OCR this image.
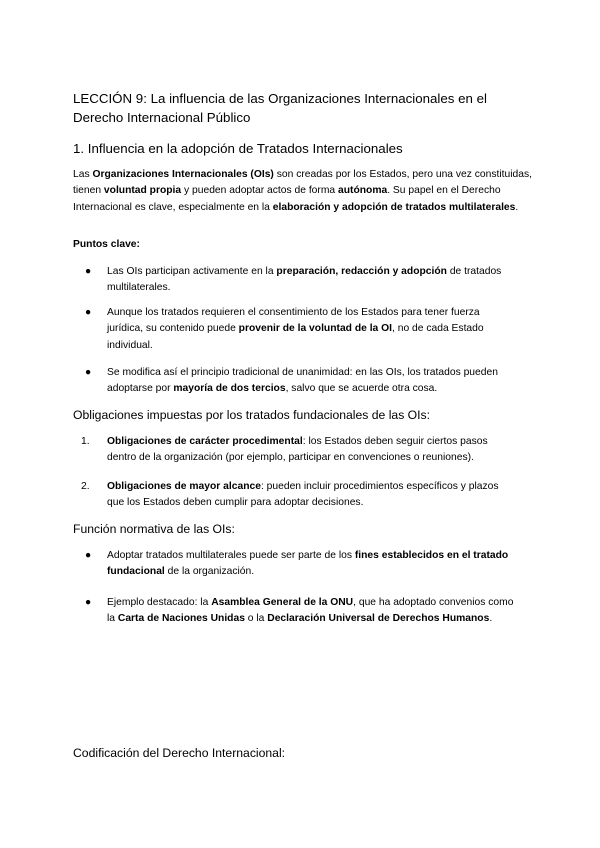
LECCIÓN 9: La influencia de las Organizaciones Internacionales en el Derecho Internacional Público
1. Influencia en la adopción de Tratados Internacionales
Las Organizaciones Internacionales (OIs) son creadas por los Estados, pero una vez constituidas, tienen voluntad propia y pueden adoptar actos de forma autónoma. Su papel en el Derecho Internacional es clave, especialmente en la elaboración y adopción de tratados multilaterales.
Puntos clave:
●	Las OIs participan activamente en la preparación, redacción y adopción de tratados multilaterales.
●	Aunque los tratados requieren el consentimiento de los Estados para tener fuerza jurídica, su contenido puede provenir de la voluntad de la OI, no de cada Estado individual.
●	Se modifica así el principio tradicional de unanimidad: en las OIs, los tratados pueden adoptarse por mayoría de dos tercios, salvo que se acuerde otra cosa.
Obligaciones impuestas por los tratados fundacionales de las OIs:
1.	Obligaciones de carácter procedimental: los Estados deben seguir ciertos pasos dentro de la organización (por ejemplo, participar en convenciones o reuniones).
2.	Obligaciones de mayor alcance: pueden incluir procedimientos específicos y plazos que los Estados deben cumplir para adoptar decisiones.
Función normativa de las OIs:
●	Adoptar tratados multilaterales puede ser parte de los fines establecidos en el tratado fundacional de la organización.
●	Ejemplo destacado: la Asamblea General de la ONU, que ha adoptado convenios como la Carta de Naciones Unidas o la Declaración Universal de Derechos Humanos.
Codificación del Derecho Internacional:
